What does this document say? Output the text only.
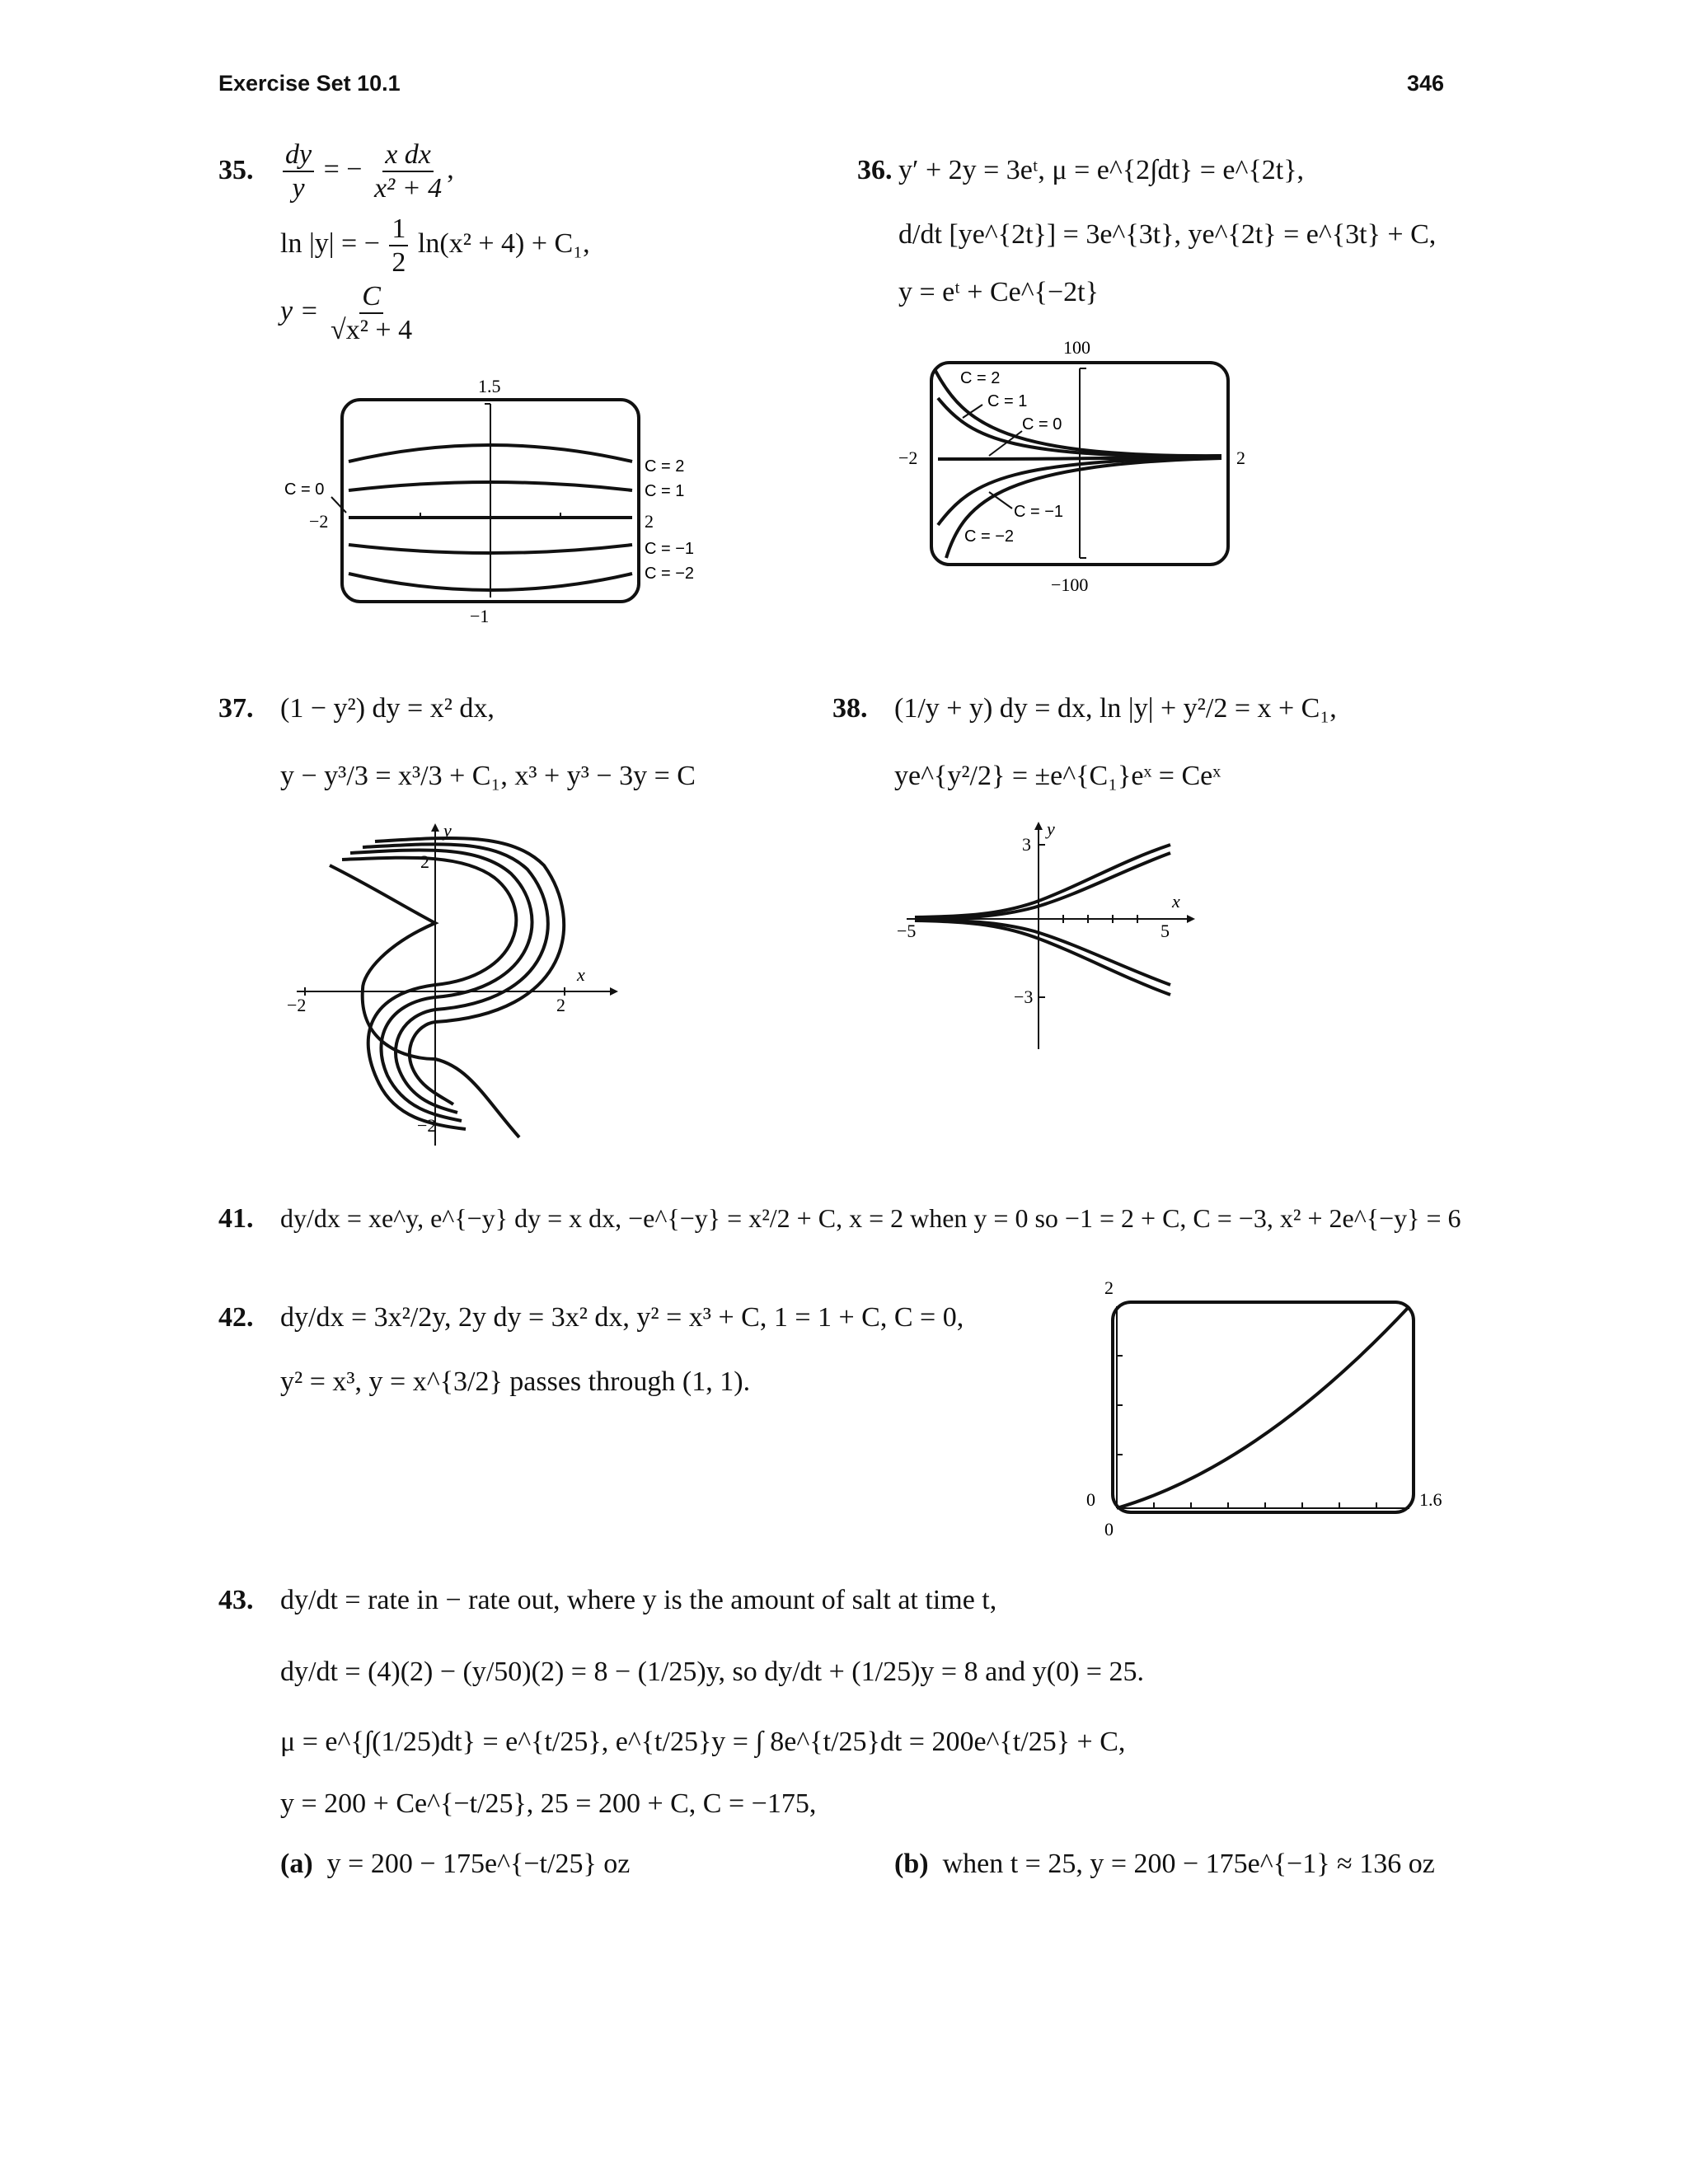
Exercise Set 10.1	346
35. $\frac{dy}{y}$ = − $\frac{\text{x dx}}{\text{x² + 4}}$ ,
ln |y| = − $\frac{1}{2} \ln(x^2 + 4) + C_1$,
$y = \frac{C}{\text{√x² + 4}}$
1.5
−1
−2	2
C = 0
C = 2
C = 1
C = −1
C = −2
36. y′ + 2y = 3eᵗ, μ = e^{2∫dt} = e^{2t},
d/dt [ye^{2t}] = 3e^{3t}, ye^{2t} = e^{3t} + C,
y = eᵗ + Ce^{−2t}
100
−100
−2	2
C = 2
C = 1
C = 0
C = −1
C = −2
37. (1 − y²) dy = x² dx,
y − y³/3 = x³/3 + C₁, x³ + y³ − 3y = C
y
x
−2	2
2
−2
38. (1/y + y) dy = dx, ln |y| + y²/2 = x + C₁,
ye^{y²/2} = ±e^{C₁}eˣ = Ceˣ
y
x
−5	5
3
−3
41. dy/dx = xe^y, e^{−y} dy = x dx, −e^{−y} = x²/2 + C, x = 2 when y = 0 so −1 = 2 + C, C = −3, x² + 2e^{−y} = 6
42. dy/dx = 3x²/2y, 2y dy = 3x² dx, y² = x³ + C, 1 = 1 + C, C = 0,
y² = x³, y = x^{3/2} passes through (1, 1).
2
0
0
1.6
43. dy/dt = rate in − rate out, where y is the amount of salt at time t,
dy/dt = (4)(2) − (y/50)(2) = 8 − (1/25)y, so dy/dt + (1/25)y = 8 and y(0) = 25.
μ = e^{∫(1/25)dt} = e^{t/25}, e^{t/25}y = ∫ 8e^{t/25}dt = 200e^{t/25} + C,
y = 200 + Ce^{−t/25}, 25 = 200 + C, C = −175,
(a) y = 200 − 175e^{−t/25} oz	(b) when t = 25, y = 200 − 175e^{−1} ≈ 136 oz
